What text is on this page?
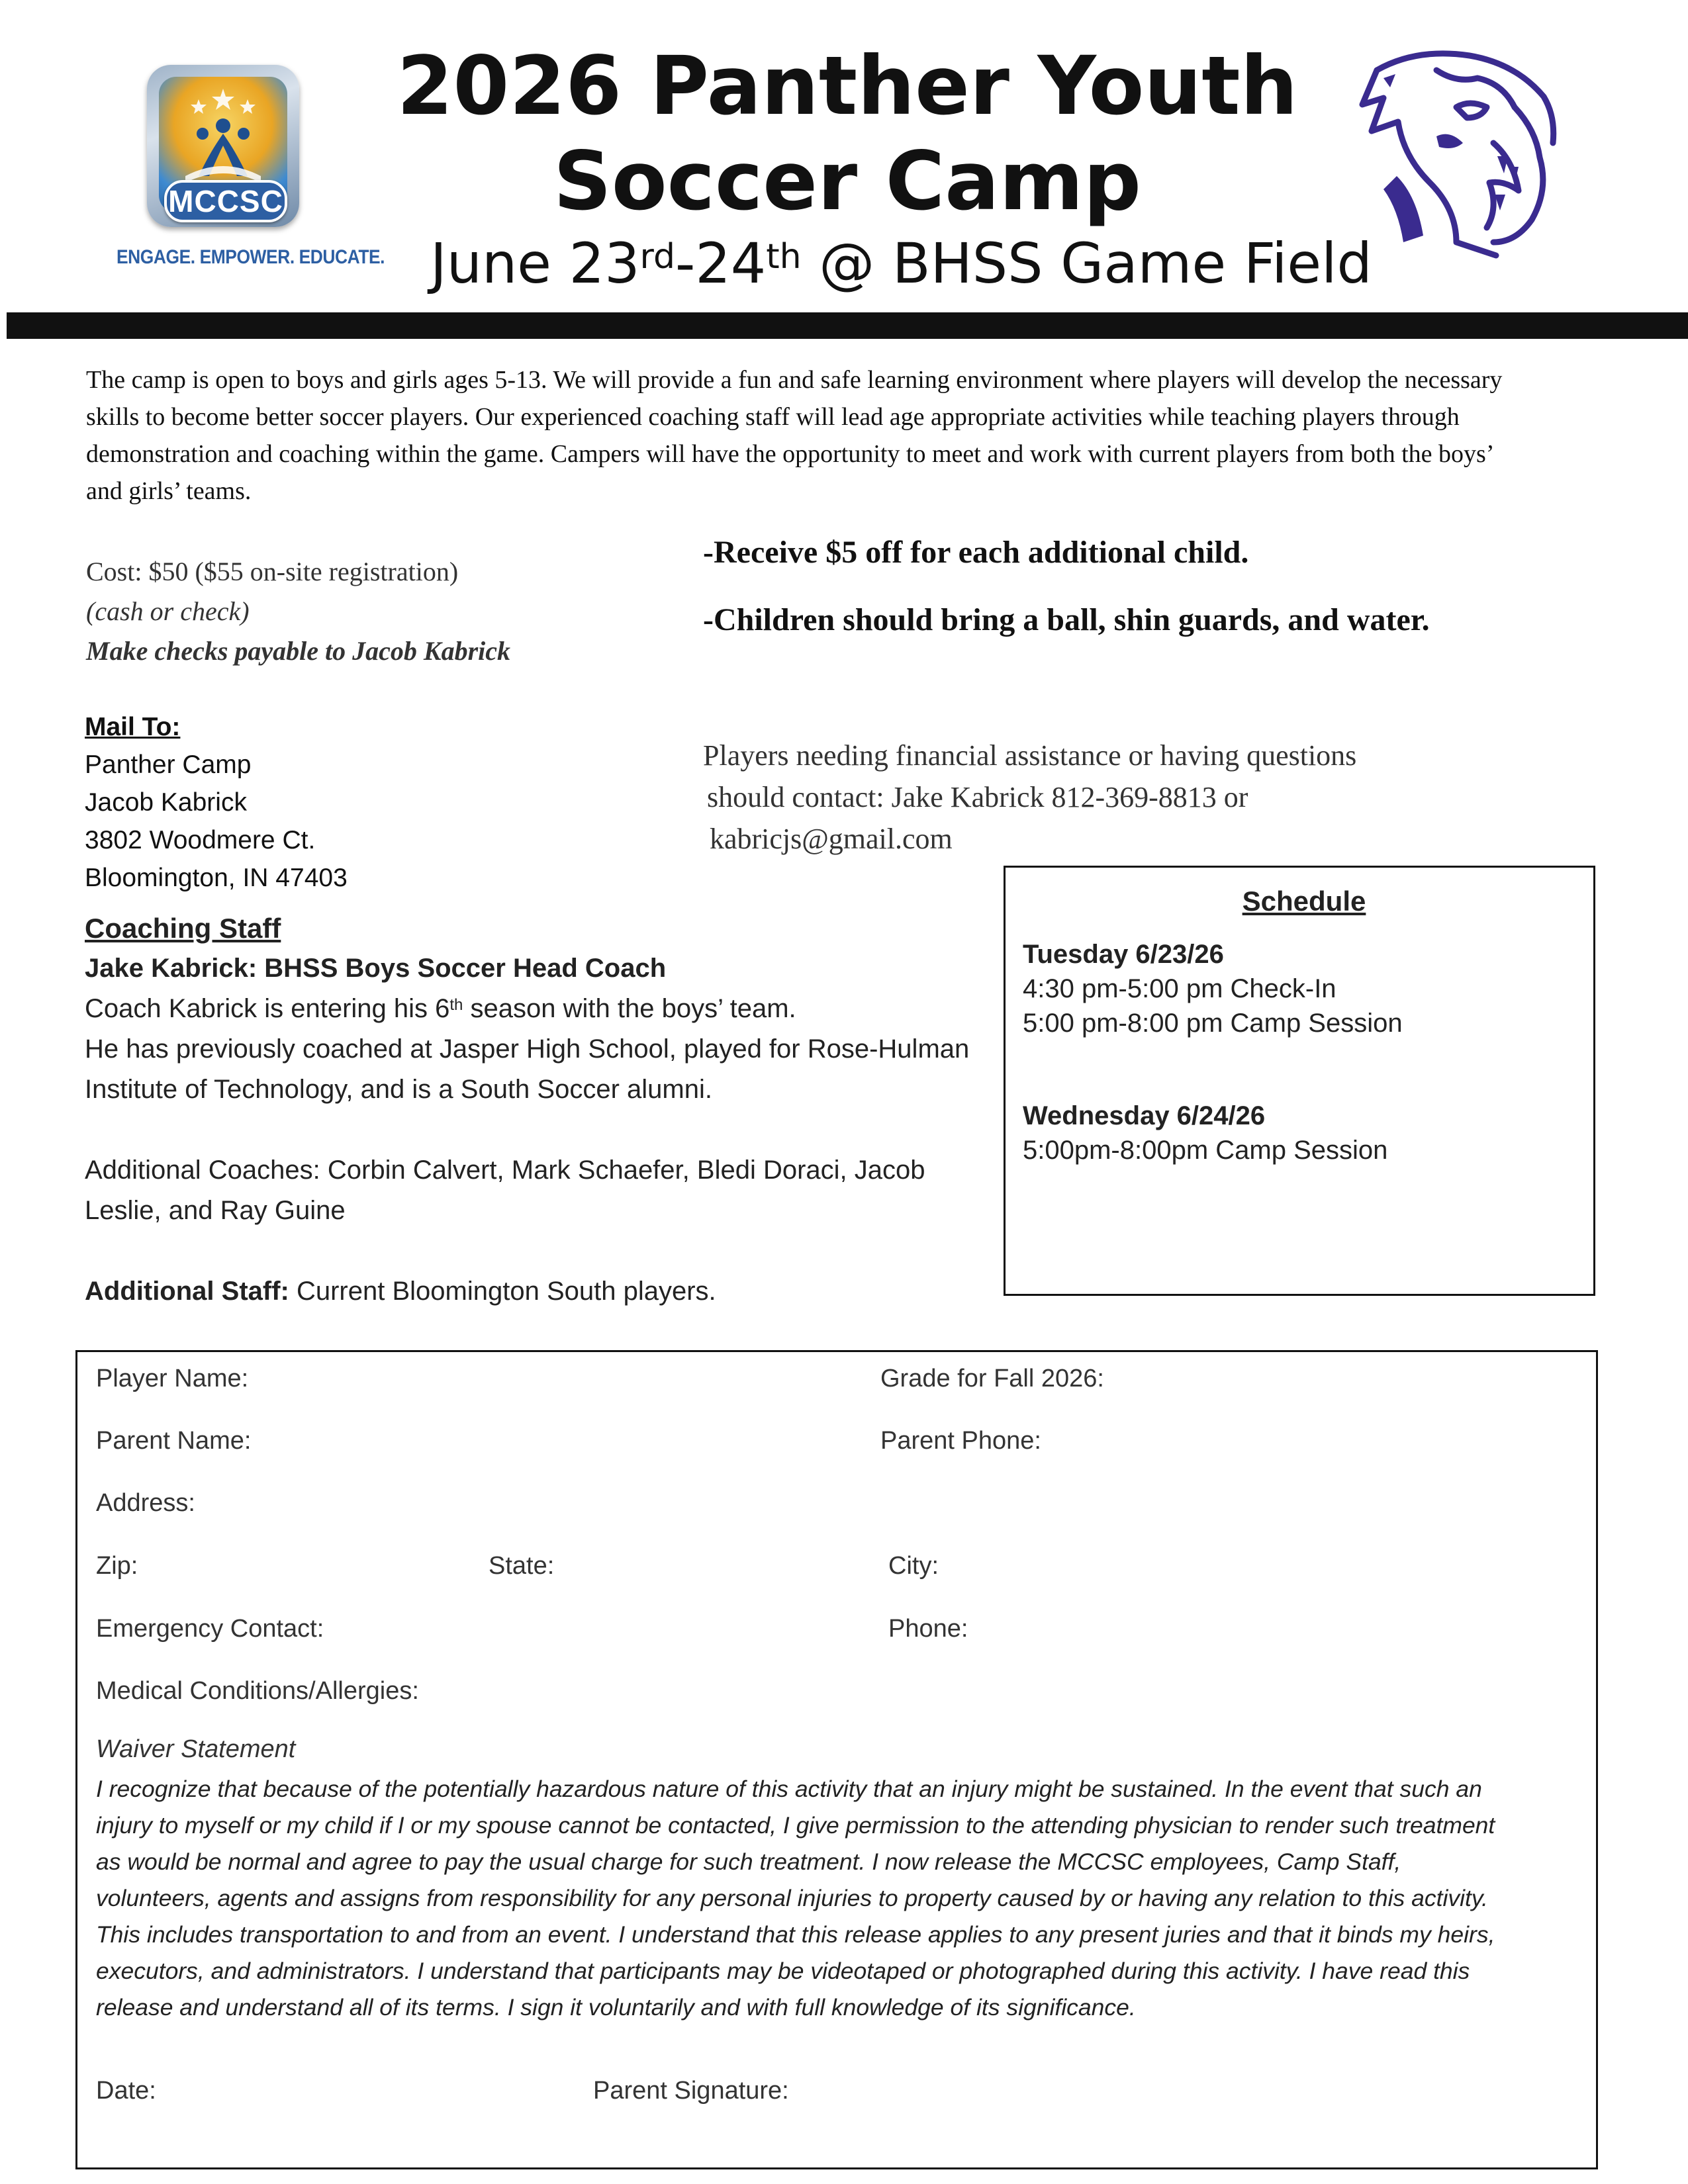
MCCSC
ENGAGE. EMPOWER. EDUCATE.
2026 Panther Youth
Soccer Camp
June 23rd-24th @ BHSS Game Field
The camp is open to boys and girls ages 5-13. We will provide a fun and safe learning environment where players will develop the necessary skills to become better soccer players. Our experienced coaching staff will lead age appropriate activities while teaching players through demonstration and coaching within the game. Campers will have the opportunity to meet and work with current players from both the boys’ and girls’ teams.
Cost: $50 ($55 on-site registration)
(cash or check)
Make checks payable to Jacob Kabrick
Mail To:
Panther Camp
Jacob Kabrick
3802 Woodmere Ct.
Bloomington, IN 47403
Coaching Staff
Jake Kabrick: BHSS Boys Soccer Head Coach
Coach Kabrick is entering his 6th season with the boys’ team.
He has previously coached at Jasper High School, played for Rose-Hulman Institute of Technology, and is a South Soccer alumni.
Additional Coaches: Corbin Calvert, Mark Schaefer, Bledi Doraci, Jacob Leslie, and Ray Guine
Additional Staff: Current Bloomington South players.
-Receive $5 off for each additional child.
-Children should bring a ball, shin guards, and water.
Players needing financial assistance or having questions
should contact: Jake Kabrick 812-369-8813 or
kabricjs@gmail.com
Schedule
Tuesday 6/23/26
4:30 pm-5:00 pm Check-In
5:00 pm-8:00 pm Camp Session
Wednesday 6/24/26
5:00pm-8:00pm Camp Session
Player Name:	Grade for Fall 2026:
Parent Name:	Parent Phone:
Address:
Zip:	State:	City:
Emergency Contact:	Phone:
Medical Conditions/Allergies:
Waiver Statement
I recognize that because of the potentially hazardous nature of this activity that an injury might be sustained. In the event that such an injury to myself or my child if I or my spouse cannot be contacted, I give permission to the attending physician to render such treatment as would be normal and agree to pay the usual charge for such treatment. I now release the MCCSC employees, Camp Staff, volunteers, agents and assigns from responsibility for any personal injuries to property caused by or having any relation to this activity. This includes transportation to and from an event. I understand that this release applies to any present juries and that it binds my heirs, executors, and administrators. I understand that participants may be videotaped or photographed during this activity. I have read this release and understand all of its terms. I sign it voluntarily and with full knowledge of its significance.
Date:	Parent Signature:
